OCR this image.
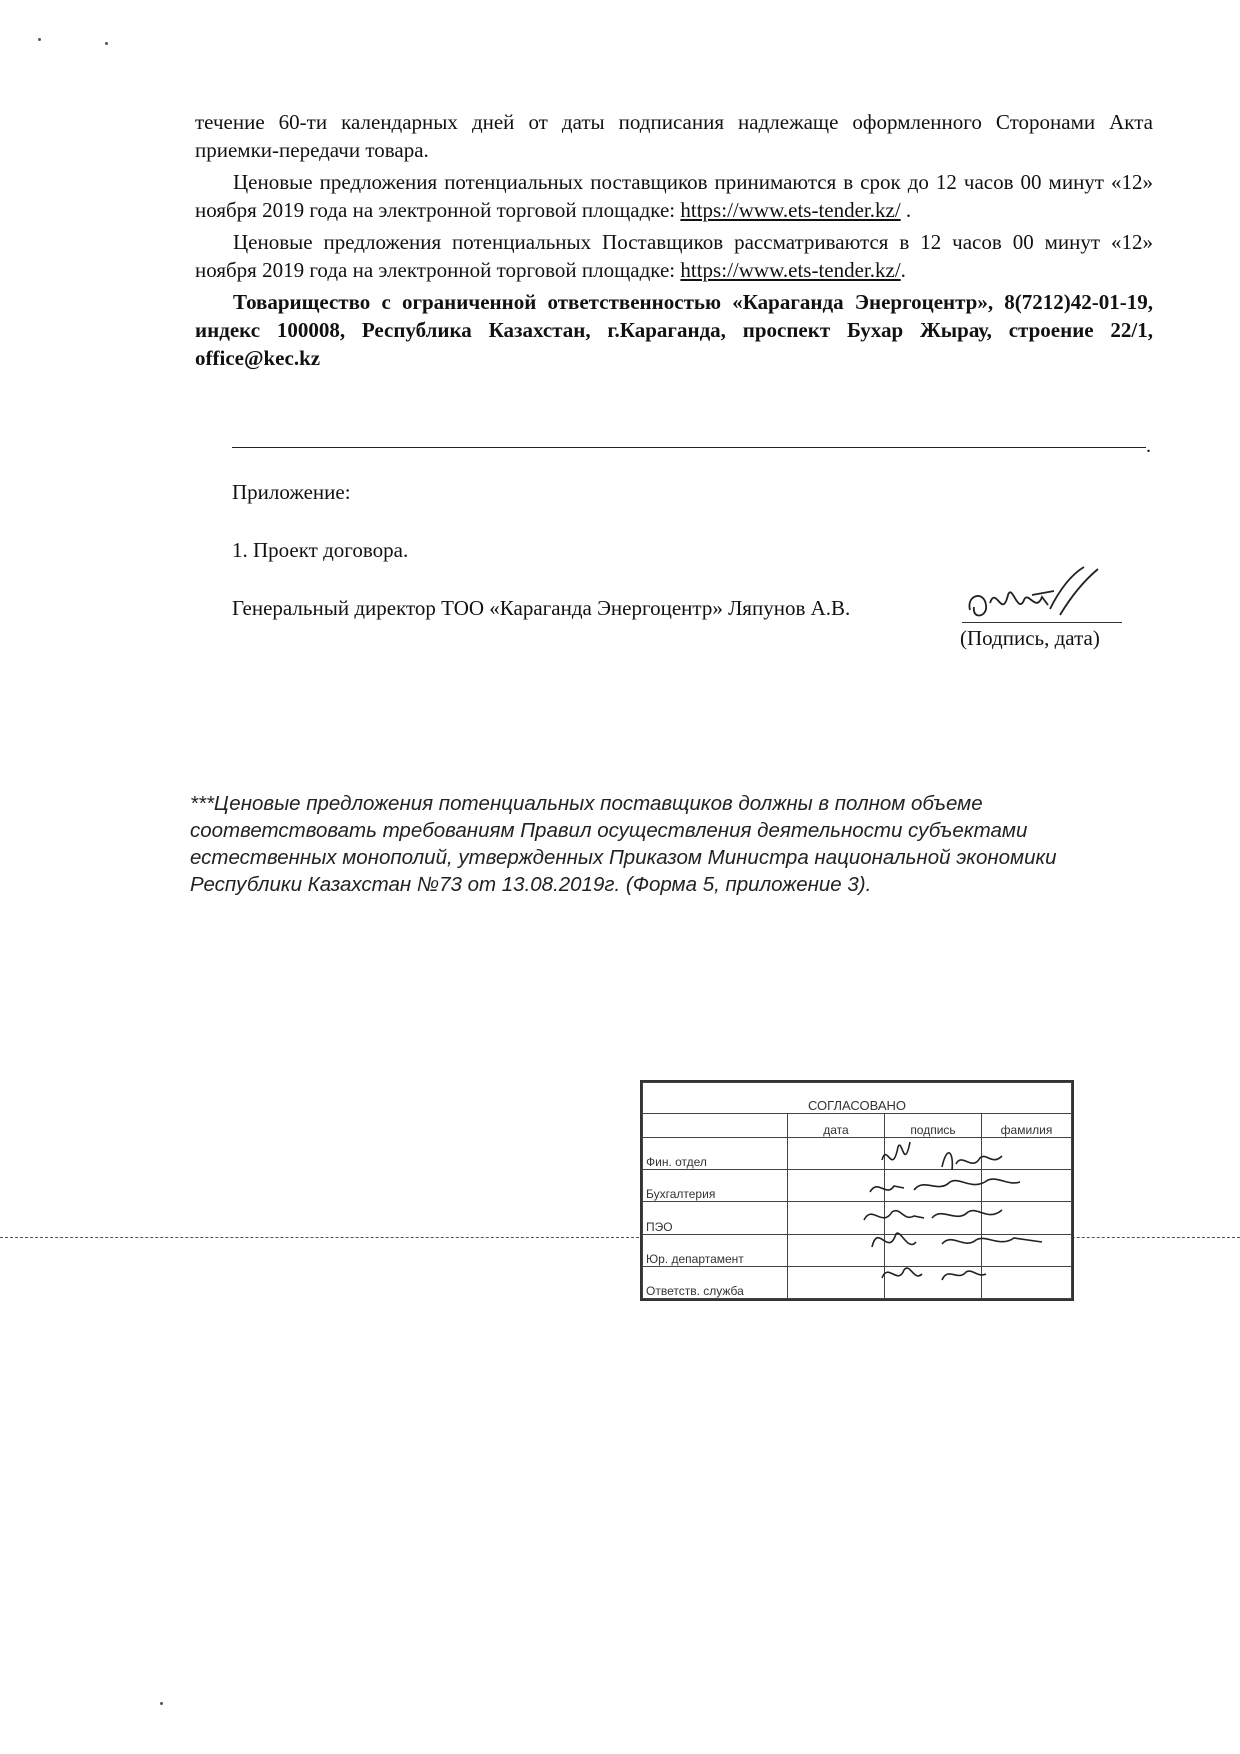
течение 60-ти календарных дней от даты подписания надлежаще оформленного Сторонами Акта приемки-передачи товара.

Ценовые предложения потенциальных поставщиков принимаются в срок до 12 часов 00 минут «12» ноября 2019 года на электронной торговой площадке: https://www.ets-tender.kz/ .

Ценовые предложения потенциальных Поставщиков рассматриваются в 12 часов 00 минут «12» ноября 2019 года на электронной торговой площадке: https://www.ets-tender.kz/.

Товарищество с ограниченной ответственностью «Караганда Энергоцентр», 8(7212)42-01-19, индекс 100008, Республика Казахстан, г.Караганда, проспект Бухар Жырау, строение 22/1, office@kec.kz

.
Приложение:
1. Проект договора.
Генеральный директор ТОО «Караганда Энергоцентр» Ляпунов А.В.
(Подпись, дата)
***Ценовые предложения потенциальных поставщиков должны в полном объеме соответствовать требованиям Правил осуществления деятельности субъектами естественных монополий, утвержденных Приказом Министра национальной экономики Республики Казахстан №73 от 13.08.2019г. (Форма 5, приложение 3).
СОГЛАСОВАНО			
	дата	подпись	фамилия
Фин. отдел			
Бухгалтерия			
ПЭО			
Юр. департамент			
Ответств. служба			
